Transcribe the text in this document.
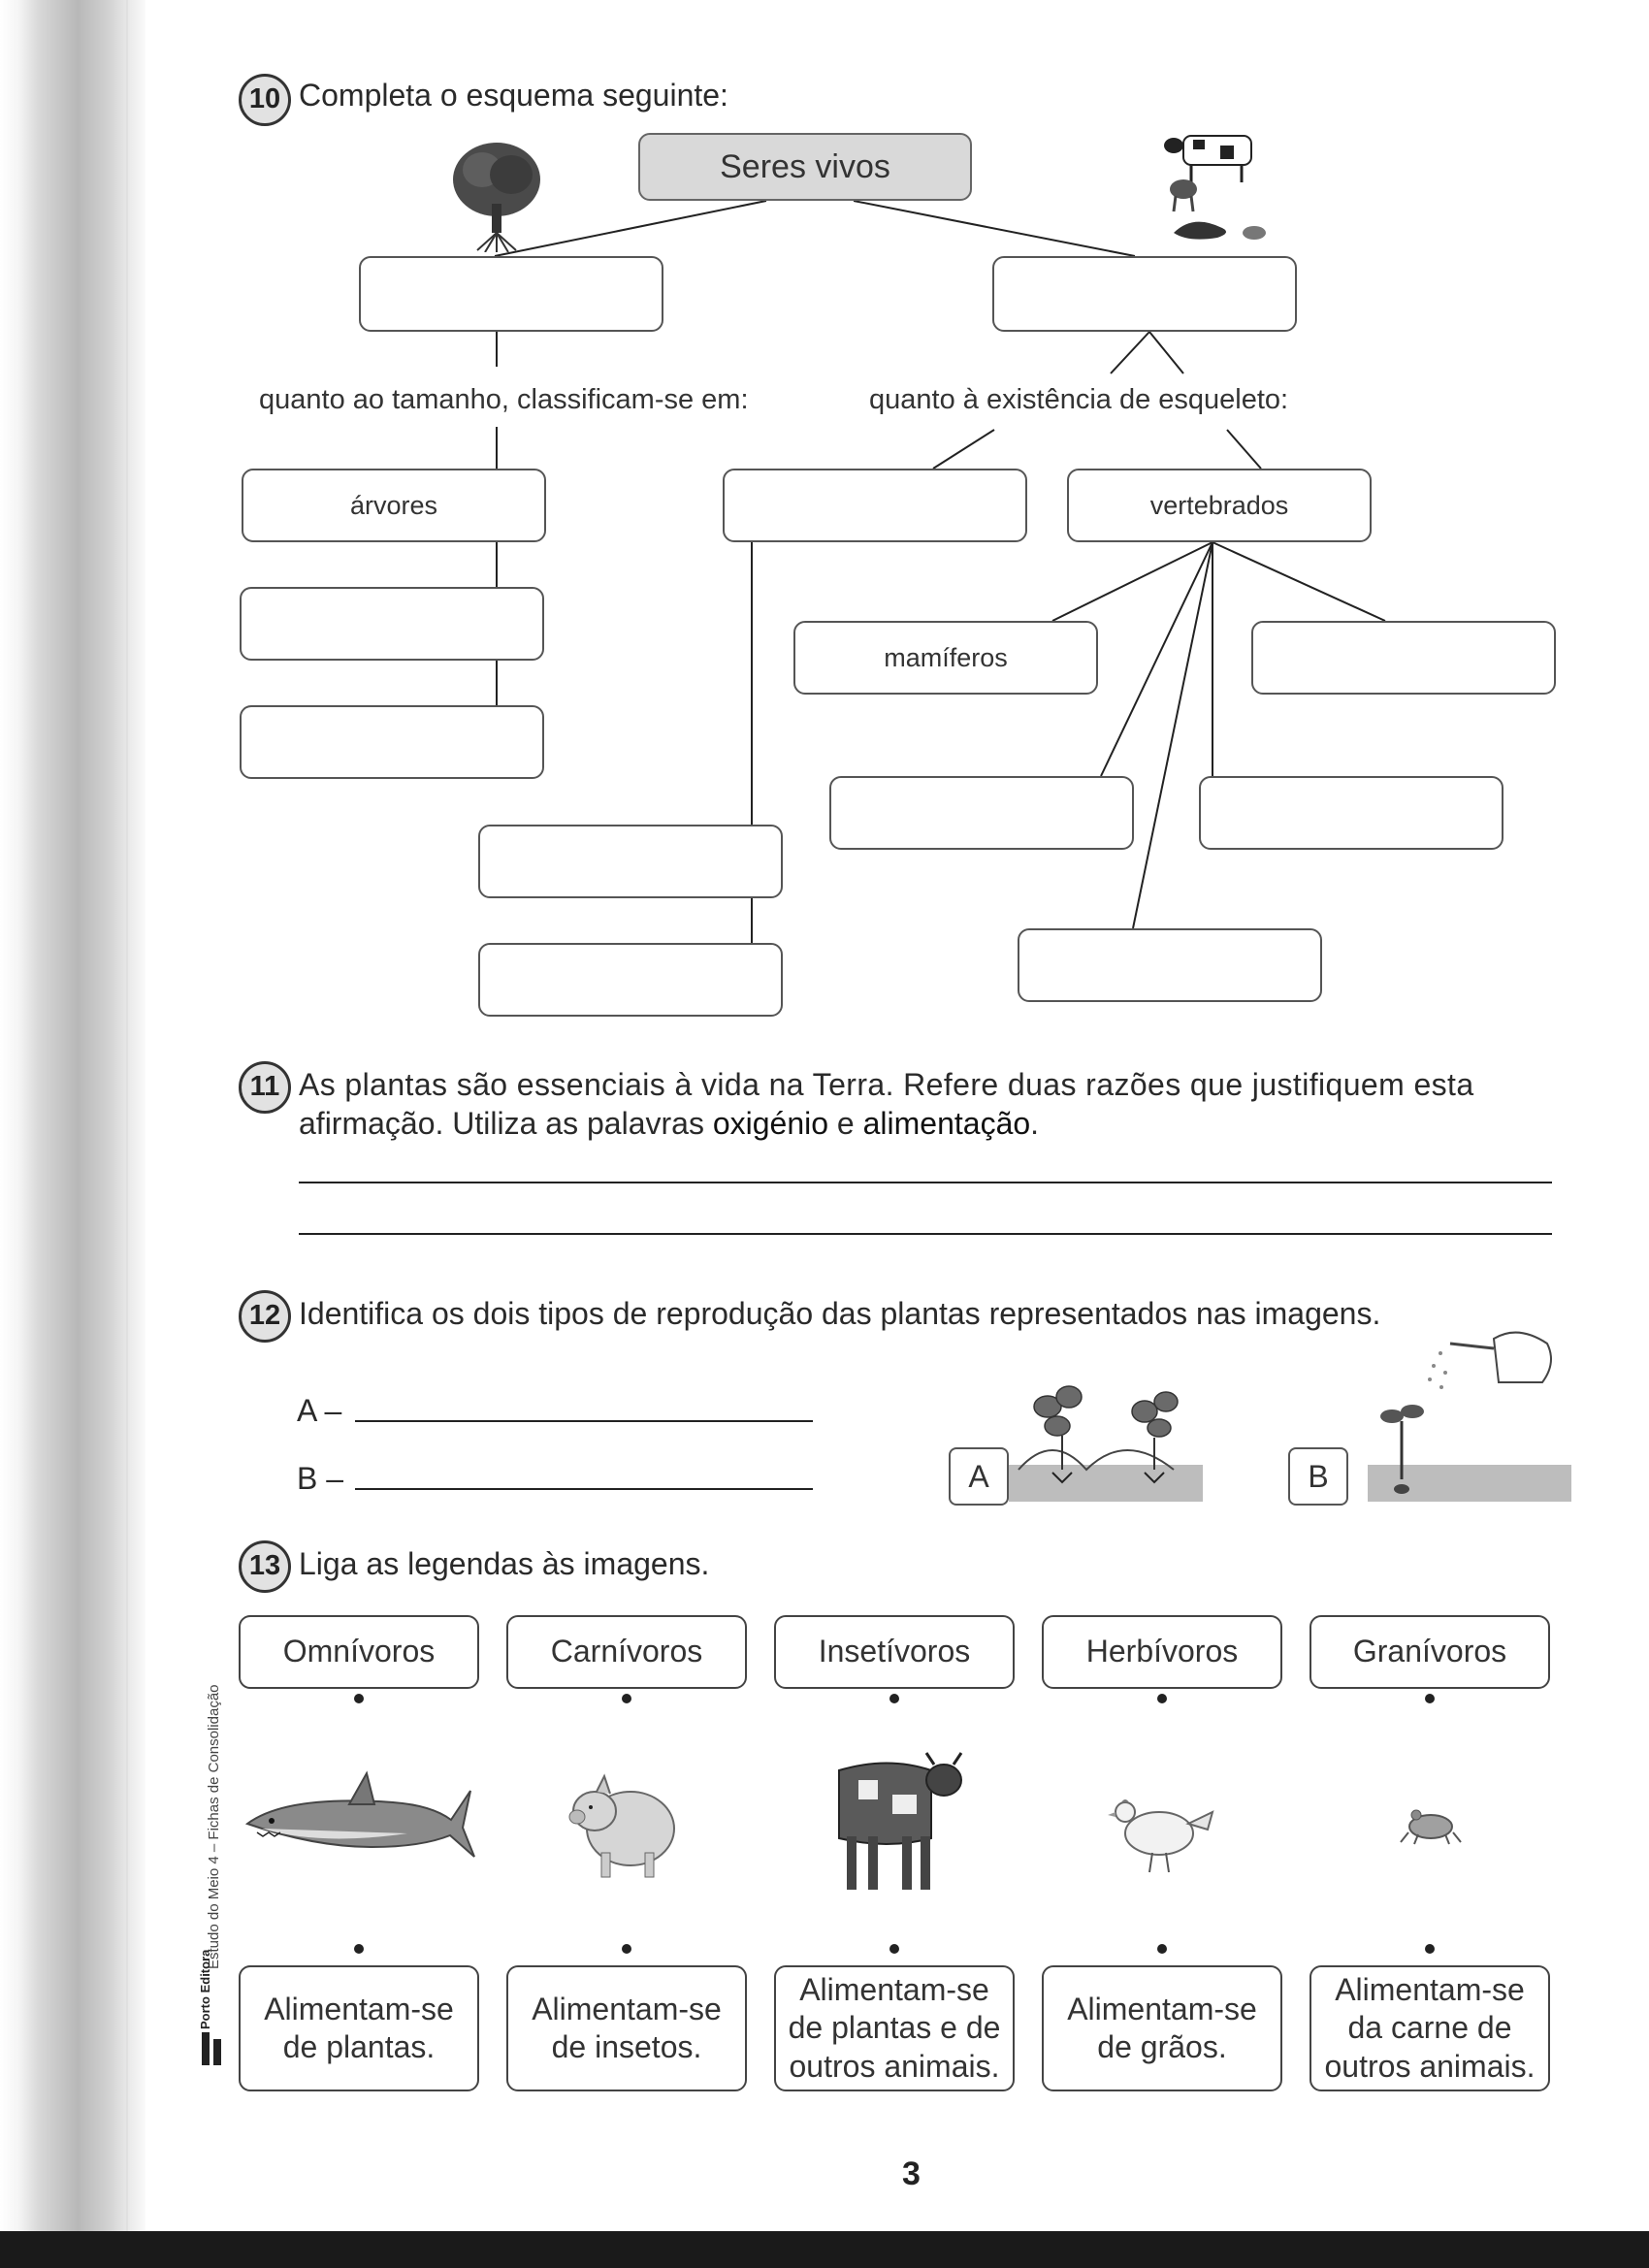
10 Completa o esquema seguinte:
Seres vivos
quanto ao tamanho, classificam-se em:	quanto à existência de esqueleto:
árvores	vertebrados
mamíferos
11 As plantas são essenciais à vida na Terra. Refere duas razões que justifiquem esta
afirmação. Utiliza as palavras oxigénio e alimentação.
12 Identifica os dois tipos de reprodução das plantas representados nas imagens.
A –
B –	A	B
13 Liga as legendas às imagens.
Omnívoros	Carnívoros	Insetívoros	Herbívoros	Granívoros
Alimentam-se
de plantas.
Alimentam-se
de insetos.
Alimentam-se
de plantas e de
outros animais.
Alimentam-se
de grãos.
Alimentam-se
da carne de
outros animais.
Estudo do Meio 4 – Fichas de Consolidação
Porto Editora
3
